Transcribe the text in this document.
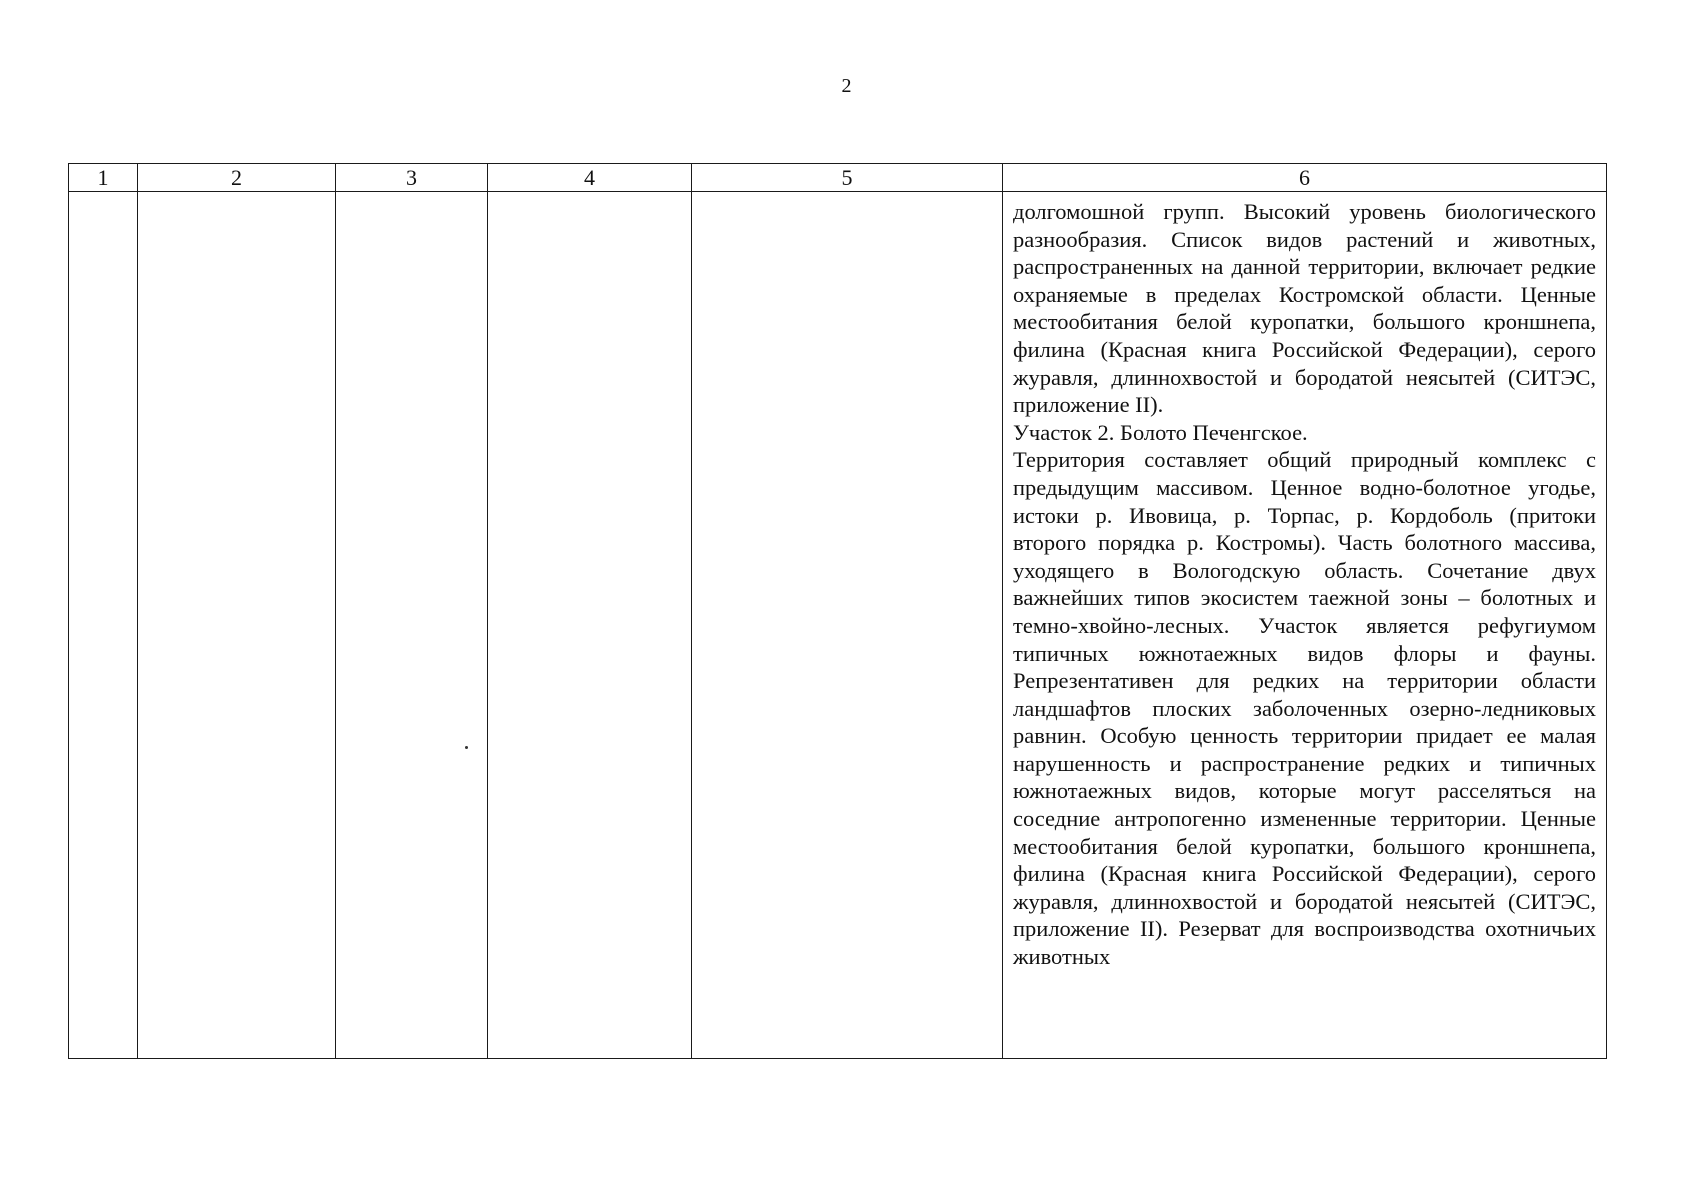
2
1	2	3	4	5	6

					долгомошной групп. Высокий уровень биологического разнообразия. Список видов растений и животных, распространенных на данной территории, включает редкие охраняемые в пределах Костромской области. Ценные местообитания белой куропатки, большого кроншнепа, филина (Красная книга Российской Федерации), серого журавля, длиннохвостой и бородатой неясытей (СИТЭС, приложение II).

Участок 2. Болото Печенгское.

Территория составляет общий природный комплекс с предыдущим массивом. Ценное водно-болотное угодье, истоки р. Ивовица, р. Торпас, р. Кордоболь (притоки второго порядка р. Костромы). Часть болотного массива, уходящего в Вологодскую область. Сочетание двух важнейших типов экосистем таежной зоны – болотных и темно-хвойно-лесных. Участок является рефугиумом типичных южнотаежных видов флоры и фауны. Репрезентативен для редких на территории области ландшафтов плоских заболоченных озерно-ледниковых равнин. Особую ценность территории придает ее малая нарушенность и распространение редких и типичных южнотаежных видов, которые могут расселяться на соседние антропогенно измененные территории. Ценные местообитания белой куропатки, большого кроншнепа, филина (Красная книга Российской Федерации), серого журавля, длиннохвостой и бородатой неясытей (СИТЭС, приложение II). Резерват для воспроизводства охотничьих животных
